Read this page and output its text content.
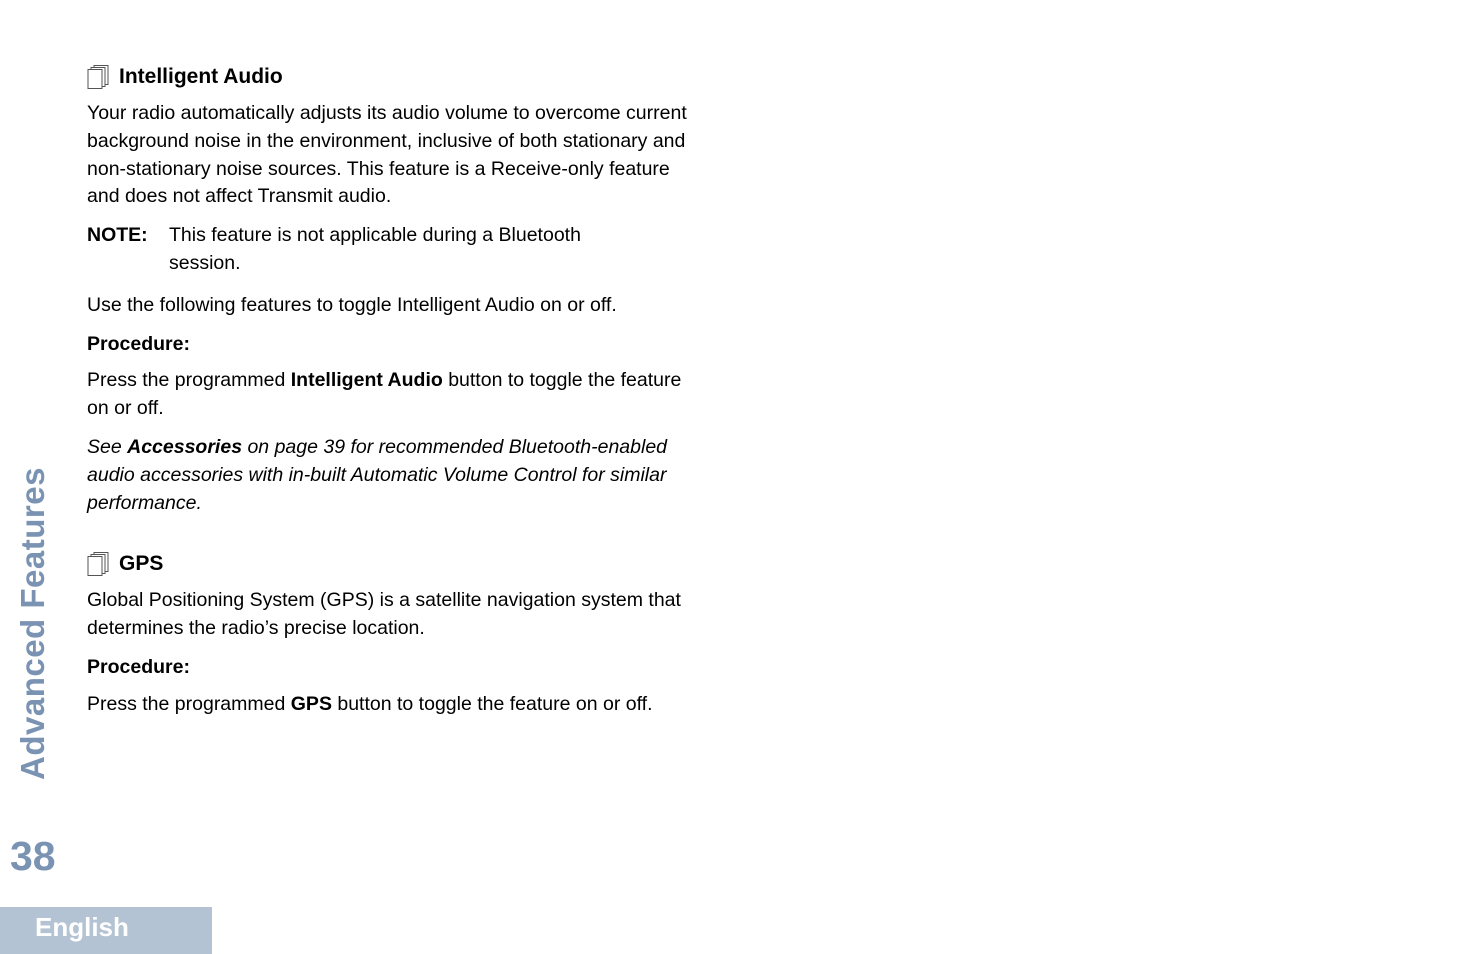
Intelligent Audio

Your radio automatically adjusts its audio volume to overcome current background noise in the environment, inclusive of both stationary and non-stationary noise sources. This feature is a Receive-only feature and does not affect Transmit audio.

NOTE:	This feature is not applicable during a Bluetooth session.

Use the following features to toggle Intelligent Audio on or off.

Procedure:

Press the programmed Intelligent Audio button to toggle the feature on or off.

See Accessories on page 39 for recommended Bluetooth-enabled audio accessories with in-built Automatic Volume Control for similar performance.

GPS

Global Positioning System (GPS) is a satellite navigation system that determines the radio’s precise location.

Procedure:

Press the programmed GPS button to toggle the feature on or off.

Advanced Features
38
English
